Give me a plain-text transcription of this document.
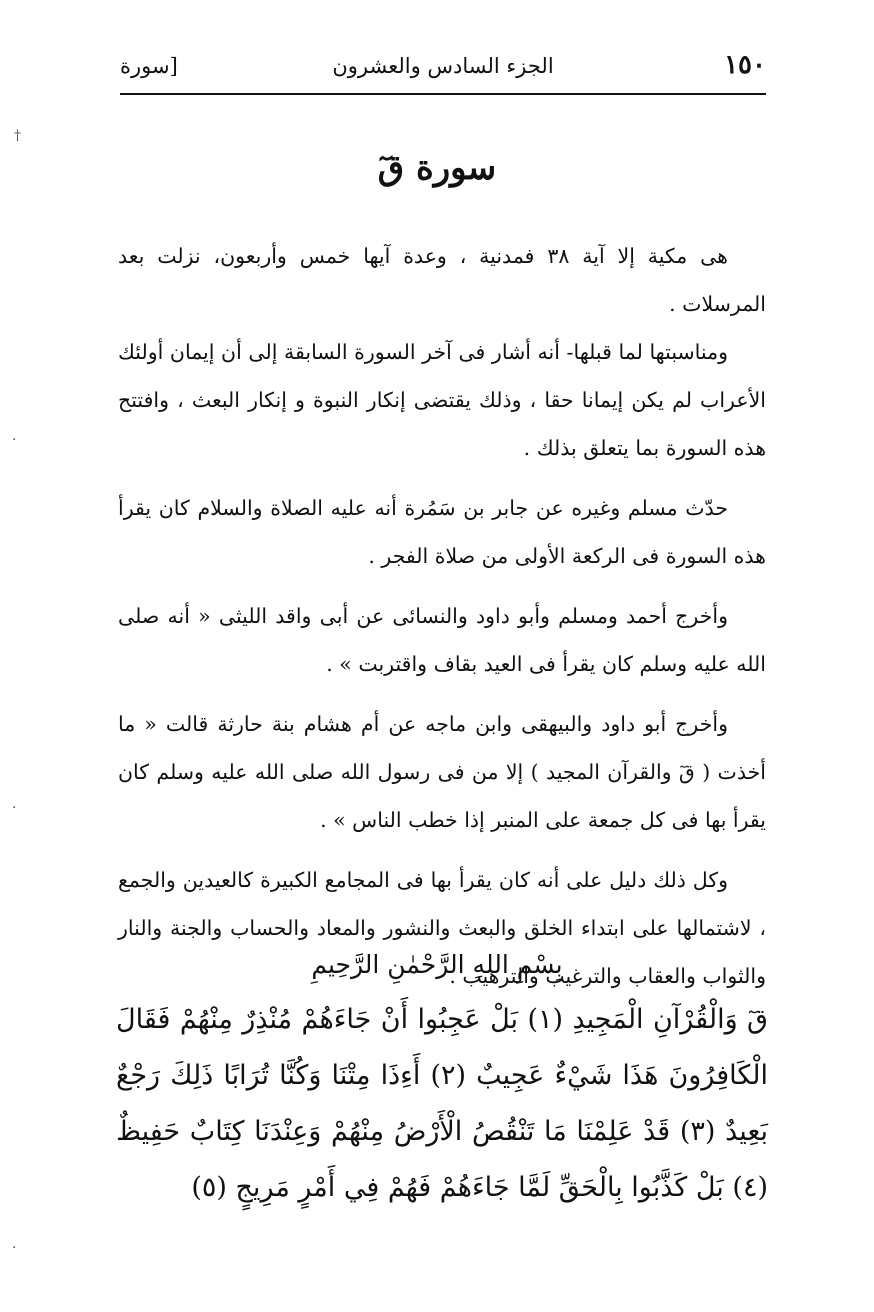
١٥٠
الجزء السادس والعشرون
[سورة
سورة قٓ

هى مكية إلا آية ٣٨ فمدنية ، وعدة آيها خمس وأربعون، نزلت بعد المرسلات .

ومناسبتها لما قبلها- أنه أشار فى آخر السورة السابقة إلى أن إيمان أولئك الأعراب لم يكن إيمانا حقا ، وذلك يقتضى إنكار النبوة و إنكار البعث ، وافتتح هذه السورة بما يتعلق بذلك .

حدّث مسلم وغيره عن جابر بن سَمُرة أنه عليه الصلاة والسلام كان يقرأ هذه السورة فى الركعة الأولى من صلاة الفجر .

وأخرج أحمد ومسلم وأبو داود والنسائى عن أبى واقد الليثى « أنه صلى الله عليه وسلم كان يقرأ فى العيد بقاف واقتربت » .

وأخرج أبو داود والبيهقى وابن ماجه عن أم هشام بنة حارثة قالت « ما أخذت ( قٓ والقرآن المجيد ) إلا من فى رسول الله صلى الله عليه وسلم كان يقرأ بها فى كل جمعة على المنبر إذا خطب الناس » .

وكل ذلك دليل على أنه كان يقرأ بها فى المجامع الكبيرة كالعيدين والجمع ، لاشتمالها على ابتداء الخلق والبعث والنشور والمعاد والحساب والجنة والنار والثواب والعقاب والترغيب والترهيب .

بِسْمِ اللهِ الرَّحْمٰنِ الرَّحِيمِ
قٓ وَالْقُرْآنِ الْمَجِيدِ (١) بَلْ عَجِبُوا أَنْ جَاءَهُمْ مُنْذِرٌ مِنْهُمْ فَقَالَ الْكَافِرُونَ هَذَا شَيْءٌ عَجِيبٌ (٢) أَءِذَا مِتْنَا وَكُنَّا تُرَابًا ذَلِكَ رَجْعٌ بَعِيدٌ (٣) قَدْ عَلِمْنَا مَا تَنْقُصُ الْأَرْضُ مِنْهُمْ وَعِنْدَنَا كِتَابٌ حَفِيظٌ (٤) بَلْ كَذَّبُوا بِالْحَقِّ لَمَّا جَاءَهُمْ فَهُمْ فِي أَمْرٍ مَرِيجٍ (٥)
†
·
·
·
